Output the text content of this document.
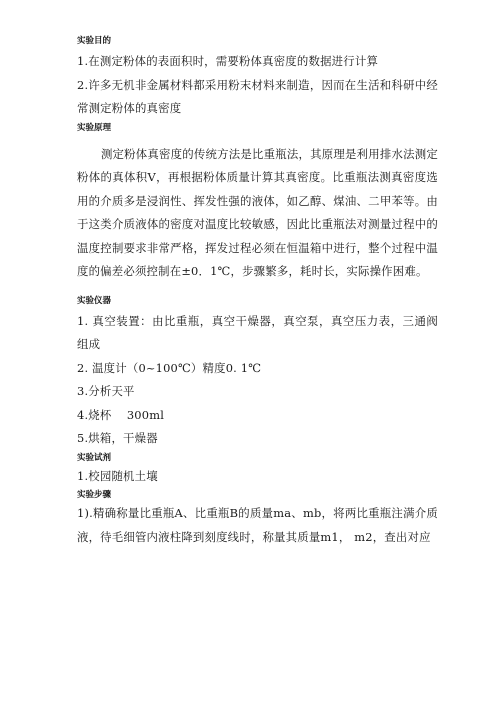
实验目的

1.在测定粉体的表面积时，需要粉体真密度的数据进行计算

2.许多无机非金属材料都采用粉末材料来制造，因而在生活和科研中经常测定粉体的真密度

实验原理

测定粉体真密度的传统方法是比重瓶法，其原理是利用排水法测定粉体的真体积V，再根据粉体质量计算其真密度。比重瓶法测真密度选用的介质多是浸润性、挥发性强的液体，如乙醇、煤油、二甲苯等。由于这类介质液体的密度对温度比较敏感，因此比重瓶法对测量过程中的温度控制要求非常严格，挥发过程必须在恒温箱中进行，整个过程中温度的偏差必须控制在±0．1℃，步骤繁多，耗时长，实际操作困难。

实验仪器

1. 真空装置：由比重瓶，真空干燥器，真空泵，真空压力表，三通阀组成

2. 温度计（0~100℃）精度0. 1℃

3.分析天平

4.烧杯　 300ml

5.烘箱，干燥器

实验试剂

1.校园随机土壤

实验步骤

1).精确称量比重瓶A、比重瓶B的质量ma、mb，将两比重瓶注满介质液，待毛细管内液柱降到刻度线时，称量其质量m1， m2，查出对应
